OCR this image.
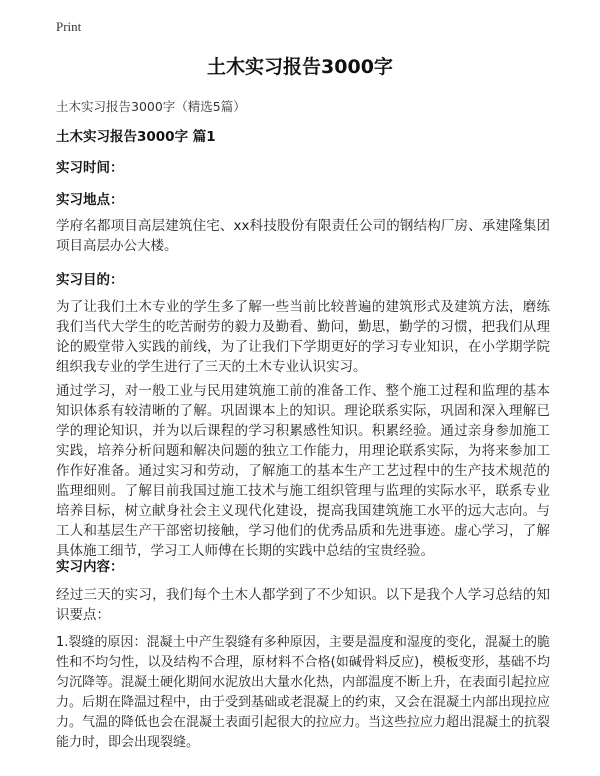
Print
土木实习报告3000字
土木实习报告3000字（精选5篇）
土木实习报告3000字 篇1
实习时间：
实习地点：

学府名都项目高层建筑住宅、xx科技股份有限责任公司的钢结构厂房、承建隆集团项目高层办公大楼。

实习目的：

为了让我们土木专业的学生多了解一些当前比较普遍的建筑形式及建筑方法，磨练我们当代大学生的吃苦耐劳的毅力及勤看、勤问，勤思，勤学的习惯，把我们从理论的殿堂带入实践的前线，为了让我们下学期更好的学习专业知识，在小学期学院组织我专业的学生进行了三天的土木专业认识实习。

通过学习，对一般工业与民用建筑施工前的准备工作、整个施工过程和监理的基本知识体系有较清晰的了解。巩固课本上的知识。理论联系实际，巩固和深入理解已学的理论知识，并为以后课程的学习积累感性知识。积累经验。通过亲身参加施工实践，培养分析问题和解决问题的独立工作能力，用理论联系实际，为将来参加工作作好准备。通过实习和劳动，了解施工的基本生产工艺过程中的生产技术规范的监理细则。了解目前我国过施工技术与施工组织管理与监理的实际水平，联系专业培养目标，树立献身社会主义现代化建设，提高我国建筑施工水平的远大志向。与工人和基层生产干部密切接触，学习他们的优秀品质和先进事迹。虚心学习，了解具体施工细节，学习工人师傅在长期的实践中总结的宝贵经验。

实习内容：

经过三天的实习，我们每个土木人都学到了不少知识。以下是我个人学习总结的知识要点：

1.裂缝的原因：混凝土中产生裂缝有多种原因，主要是温度和湿度的变化，混凝土的脆性和不均匀性，以及结构不合理，原材料不合格(如碱骨料反应)，模板变形，基础不均匀沉降等。混凝土硬化期间水泥放出大量水化热，内部温度不断上升，在表面引起拉应力。后期在降温过程中，由于受到基础或老混凝上的约束，又会在混凝土内部出现拉应力。气温的降低也会在混凝土表面引起很大的拉应力。当这些拉应力超出混凝土的抗裂能力时，即会出现裂缝。
